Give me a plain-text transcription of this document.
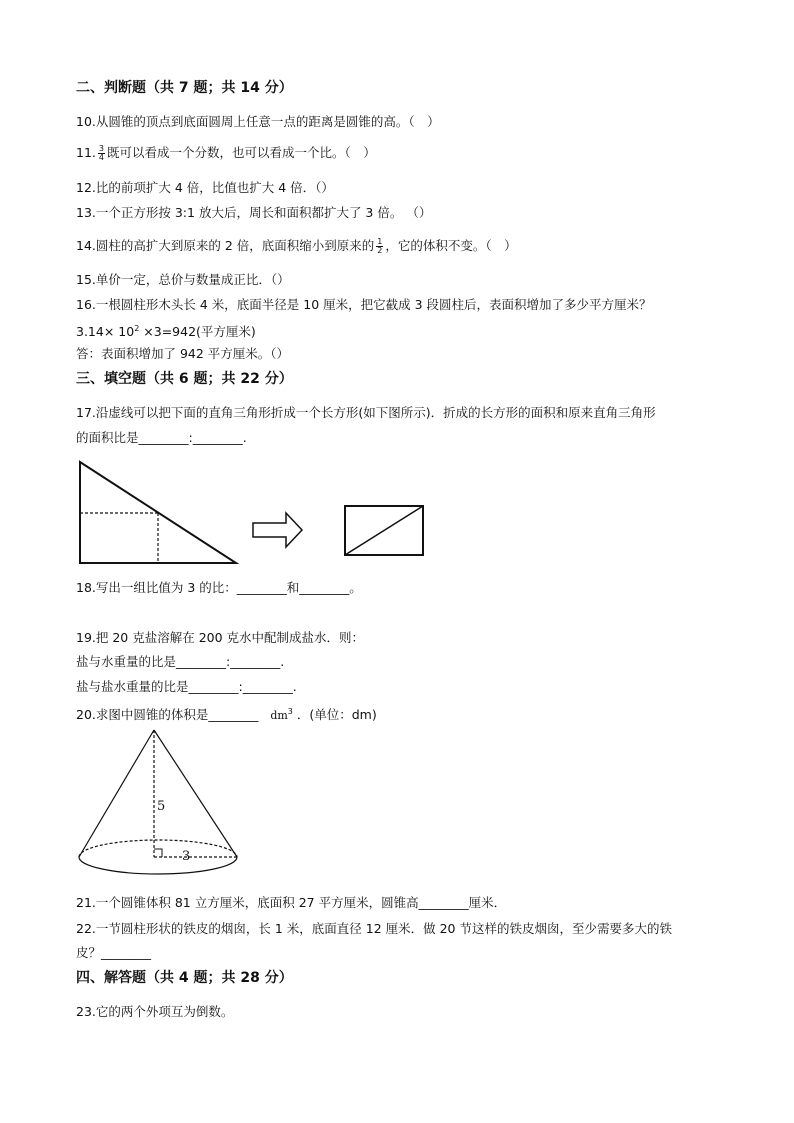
二、判断题（共 7 题；共 14 分）
10.从圆锥的顶点到底面圆周上任意一点的距离是圆锥的高。（　）
11. $\frac{3}{4}$ 既可以看成一个分数，也可以看成一个比。（　）
12.比的前项扩大 4 倍，比值也扩大 4 倍．（）
13.一个正方形按 3:1 放大后，周长和面积都扩大了 3 倍。 （）
14.圆柱的高扩大到原来的 2 倍，底面积缩小到原来的 $\frac{1}{2}$ ，它的体积不变。（　）
15.单价一定，总价与数量成正比．（）
16.一根圆柱形木头长 4 米，底面半径是 10 厘米，把它截成 3 段圆柱后，表面积增加了多少平方厘米？
$3.14\times 10^2 \times 3=942$(平方厘米)
答：表面积增加了 942 平方厘米。（）
三、填空题（共 6 题；共 22 分）
17.沿虚线可以把下面的直角三角形折成一个长方形(如下图所示)．折成的长方形的面积和原来直角三角形
的面积比是________:________.
18.写出一组比值为 3 的比：________和________。
19.把 20 克盐溶解在 200 克水中配制成盐水．则：
盐与水重量的比是________:________.
盐与盐水重量的比是________:________.
20.求图中圆锥的体积是________ $dm^3$ ．(单位：dm)
5
3
21.一个圆锥体积 81 立方厘米，底面积 27 平方厘米，圆锥高________厘米．
22.一节圆柱形状的铁皮的烟囱，长 1 米，底面直径 12 厘米．做 20 节这样的铁皮烟囱，至少需要多大的铁
皮？________
四、解答题（共 4 题；共 28 分）
23.它的两个外项互为倒数。
